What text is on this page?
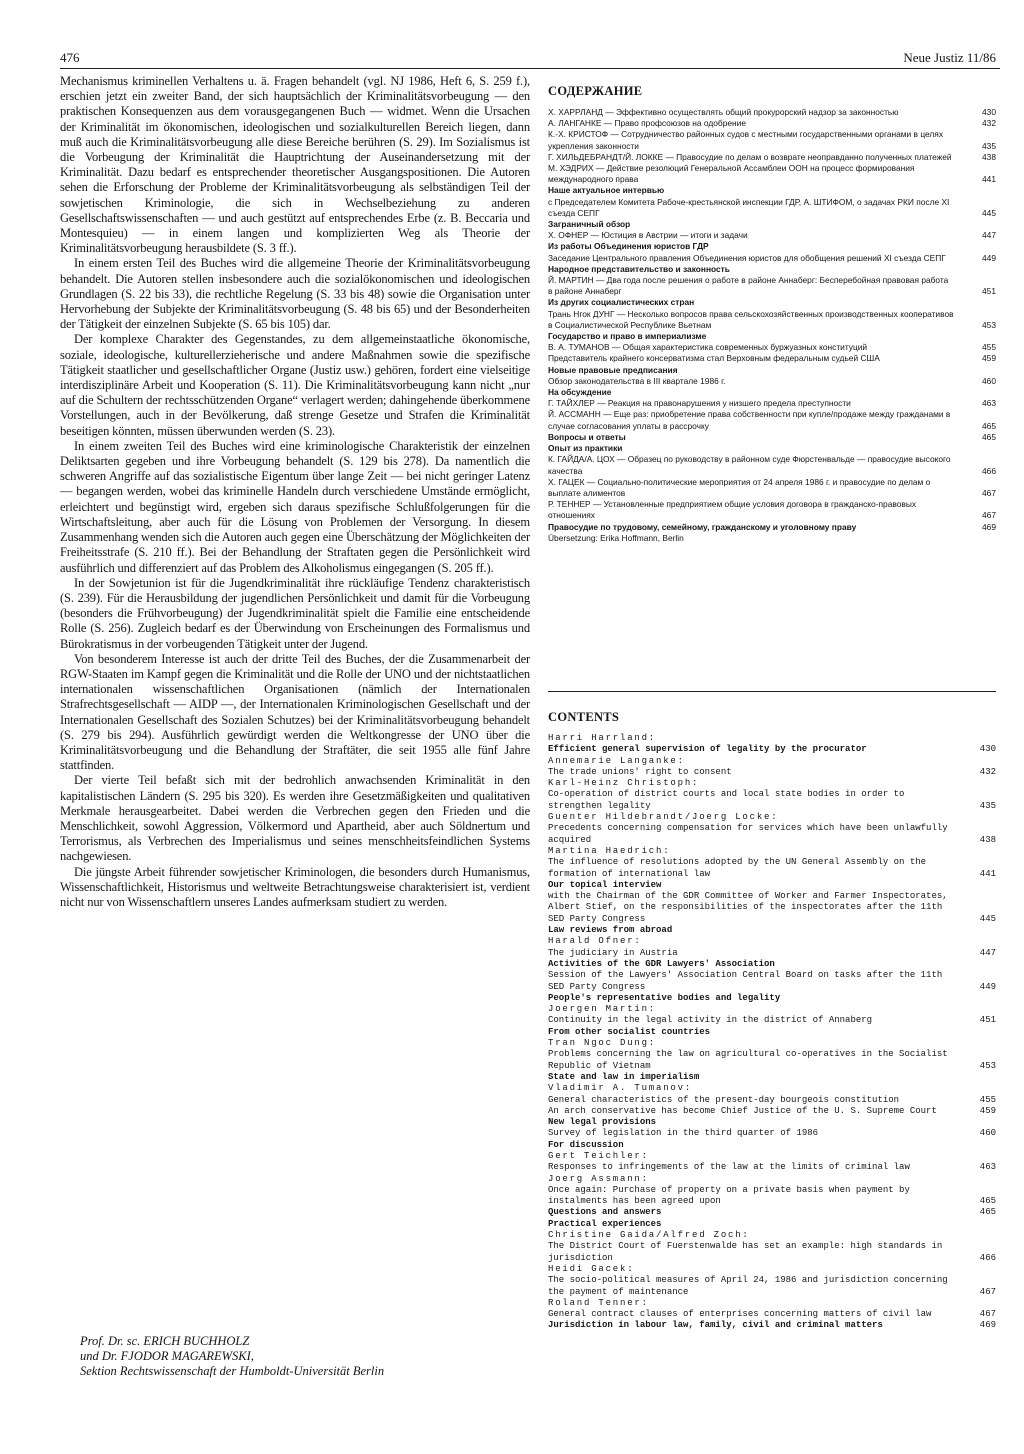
476	Neue Justiz 11/86

Mechanismus kriminellen Verhaltens u. ä. Fragen behandelt (vgl. NJ 1986, Heft 6, S. 259 f.), erschien jetzt ein zweiter Band, der sich hauptsächlich der Kriminalitätsvorbeugung — den praktischen Konsequenzen aus dem vorausgegangenen Buch — widmet. Wenn die Ursachen der Kriminalität im ökonomischen, ideologischen und sozialkulturellen Bereich liegen, dann muß auch die Kriminalitätsvorbeugung alle diese Bereiche berühren (S. 29). Im Sozialismus ist die Vorbeugung der Kriminalität die Hauptrichtung der Auseinandersetzung mit der Kriminalität. Dazu bedarf es entsprechender theoretischer Ausgangspositionen. Die Autoren sehen die Erforschung der Probleme der Kriminalitätsvorbeugung als selbständigen Teil der sowjetischen Kriminologie, die sich in Wechselbeziehung zu anderen Gesellschaftswissenschaften — und auch gestützt auf entsprechendes Erbe (z. B. Beccaria und Montesquieu) — in einem langen und komplizierten Weg als Theorie der Kriminalitätsvorbeugung herausbildete (S. 3 ff.).

In einem ersten Teil des Buches wird die allgemeine Theorie der Kriminalitätsvorbeugung behandelt. Die Autoren stellen insbesondere auch die sozialökonomischen und ideologischen Grundlagen (S. 22 bis 33), die rechtliche Regelung (S. 33 bis 48) sowie die Organisation unter Hervorhebung der Subjekte der Kriminalitätsvorbeugung (S. 48 bis 65) und der Besonderheiten der Tätigkeit der einzelnen Subjekte (S. 65 bis 105) dar.

Der komplexe Charakter des Gegenstandes, zu dem allgemeinstaatliche ökonomische, soziale, ideologische, kulturellerzieherische und andere Maßnahmen sowie die spezifische Tätigkeit staatlicher und gesellschaftlicher Organe (Justiz usw.) gehören, fordert eine vielseitige interdisziplinäre Arbeit und Kooperation (S. 11). Die Kriminalitätsvorbeugung kann nicht „nur auf die Schultern der rechtsschützenden Organe“ verlagert werden; dahingehende überkommene Vorstellungen, auch in der Bevölkerung, daß strenge Gesetze und Strafen die Kriminalität beseitigen könnten, müssen überwunden werden (S. 23).

In einem zweiten Teil des Buches wird eine kriminologische Charakteristik der einzelnen Deliktsarten gegeben und ihre Vorbeugung behandelt (S. 129 bis 278). Da namentlich die schweren Angriffe auf das sozialistische Eigentum über lange Zeit — bei nicht geringer Latenz — begangen werden, wobei das kriminelle Handeln durch verschiedene Umstände ermöglicht, erleichtert und begünstigt wird, ergeben sich daraus spezifische Schlußfolgerungen für die Wirtschaftsleitung, aber auch für die Lösung von Problemen der Versorgung. In diesem Zusammenhang wenden sich die Autoren auch gegen eine Überschätzung der Möglichkeiten der Freiheitsstrafe (S. 210 ff.). Bei der Behandlung der Straftaten gegen die Persönlichkeit wird ausführlich und differenziert auf das Problem des Alkoholismus eingegangen (S. 205 ff.).

In der Sowjetunion ist für die Jugendkriminalität ihre rückläufige Tendenz charakteristisch (S. 239). Für die Herausbildung der jugendlichen Persönlichkeit und damit für die Vorbeugung (besonders die Frühvorbeugung) der Jugendkriminalität spielt die Familie eine entscheidende Rolle (S. 256). Zugleich bedarf es der Überwindung von Erscheinungen des Formalismus und Bürokratismus in der vorbeugenden Tätigkeit unter der Jugend.

Von besonderem Interesse ist auch der dritte Teil des Buches, der die Zusammenarbeit der RGW-Staaten im Kampf gegen die Kriminalität und die Rolle der UNO und der nichtstaatlichen internationalen wissenschaftlichen Organisationen (nämlich der Internationalen Strafrechtsgesellschaft — AIDP —, der Internationalen Kriminologischen Gesellschaft und der Internationalen Gesellschaft des Sozialen Schutzes) bei der Kriminalitätsvorbeugung behandelt (S. 279 bis 294). Ausführlich gewürdigt werden die Weltkongresse der UNO über die Kriminalitätsvorbeugung und die Behandlung der Straftäter, die seit 1955 alle fünf Jahre stattfinden.

Der vierte Teil befaßt sich mit der bedrohlich anwachsenden Kriminalität in den kapitalistischen Ländern (S. 295 bis 320). Es werden ihre Gesetzmäßigkeiten und qualitativen Merkmale herausgearbeitet. Dabei werden die Verbrechen gegen den Frieden und die Menschlichkeit, sowohl Aggression, Völkermord und Apartheid, aber auch Söldnertum und Terrorismus, als Verbrechen des Imperialismus und seines menschheitsfeindlichen Systems nachgewiesen.

Die jüngste Arbeit führender sowjetischer Kriminologen, die besonders durch Humanismus, Wissenschaftlichkeit, Historismus und weltweite Betrachtungsweise charakterisiert ist, verdient nicht nur von Wissenschaftlern unseres Landes aufmerksam studiert zu werden.

Prof. Dr. sc. ERICH BUCHHOLZ
und Dr. FJODOR MAGAREWSKI,
Sektion Rechtswissenschaft der Humboldt-Universität Berlin
СОДЕРЖАНИЕ
Х. ХАРРЛАНД — Эффективно осуществлять общий прокурорский надзор за законностью	430
А. ЛАНГАНКЕ — Право профсоюзов на одобрение	432
К.-Х. КРИСТОФ — Сотрудничество районных судов с местными государственными органами в целях укрепления законности	435
Г. ХИЛЬДЕБРАНДТ/Й. ЛОККЕ — Правосудие по делам о возврате неоправданно полученных платежей	438
М. ХЭДРИХ — Действие резолюций Генеральной Ассамблеи ООН на процесс формирования международного права	441
Наше актуальное интервью
с Председателем Комитета Рабоче-крестьянской инспекции ГДР, А. ШТИФОМ, о задачах РКИ после XI съезда СЕПГ	445
Заграничный обзор
Х. ОФНЕР — Юстиция в Австрии — итоги и задачи	447
Из работы Объединения юристов ГДР
Заседание Центрального правления Объединения юристов для обобщения решений XI съезда СЕПГ	449
Народное представительство и законность
Й. МАРТИН — Два года после решения о работе в районе Аннаберг: Бесперебойная правовая работа в районе Аннаберг	451
Из других социалистических стран
Трань Нгок ДУНГ — Несколько вопросов права сельскохозяйственных производственных кооперативов в Социалистической Республике Вьетнам	453
Государство и право в империализме
В. А. ТУМАНОВ — Общая характеристика современных буржуазных конституций	455
Представитель крайнего консерватизма стал Верховным федеральным судьей США	459
Новые правовые предписания
Обзор законодательства в III квартале 1986 г.	460
На обсуждение
Г. ТАЙХЛЕР — Реакция на правонарушения у низшего предела преступности	463
Й. АССМАНН — Еще раз: приобретение права собственности при купле/продаже между гражданами в случае согласования уплаты в рассрочку	465
Вопросы и ответы	465
Опыт из практики
К. ГАЙДА/А. ЦОХ — Образец по руководству в районном суде Фюрстенвальде — правосудие высокого качества	466
Х. ГАЦЕК — Социально-политические мероприятия от 24 апреля 1986 г. и правосудие по делам о выплате алиментов	467
Р. ТЕННЕР — Установленные предприятием общие условия договора в гражданско-правовых отношениях	467
Правосудие по трудовому, семейному, гражданскому и уголовному праву	469
Übersetzung: Erika Hoffmann, Berlin
CONTENTS
Harri Harrland:
Efficient general supervision of legality by the procurator	430
Annemarie Langanke:
The trade unions' right to consent	432
Karl-Heinz Christoph:
Co-operation of district courts and local state bodies in order to strengthen legality	435
Guenter Hildebrandt/Joerg Locke:
Precedents concerning compensation for services which have been unlawfully acquired	438
Martina Haedrich:
The influence of resolutions adopted by the UN General Assembly on the formation of international law	441
Our topical interview
with the Chairman of the GDR Committee of Worker and Farmer Inspectorates, Albert Stief, on the responsibilities of the inspectorates after the 11th SED Party Congress	445
Law reviews from abroad
Harald Ofner:
The judiciary in Austria	447
Activities of the GDR Lawyers' Association
Session of the Lawyers' Association Central Board on tasks after the 11th SED Party Congress	449
People's representative bodies and legality
Joergen Martin:
Continuity in the legal activity in the district of Annaberg	451
From other socialist countries
Tran Ngoc Dung:
Problems concerning the law on agricultural co-operatives in the Socialist Republic of Vietnam	453
State and law in imperialism
Vladimir A. Tumanov:
General characteristics of the present-day bourgeois constitution	455
An arch conservative has become Chief Justice of the U. S. Supreme Court	459
New legal provisions
Survey of legislation in the third quarter of 1986	460
For discussion
Gert Teichler:
Responses to infringements of the law at the limits of criminal law	463
Joerg Assmann:
Once again: Purchase of property on a private basis when payment by instalments has been agreed upon	465
Questions and answers	465
Practical experiences
Christine Gaida/Alfred Zoch:
The District Court of Fuerstenwalde has set an example: high standards in jurisdiction	466
Heidi Gacek:
The socio-political measures of April 24, 1986 and jurisdiction concerning the payment of maintenance	467
Roland Tenner:
General contract clauses of enterprises concerning matters of civil law	467
Jurisdiction in labour law, family, civil and criminal matters	469
